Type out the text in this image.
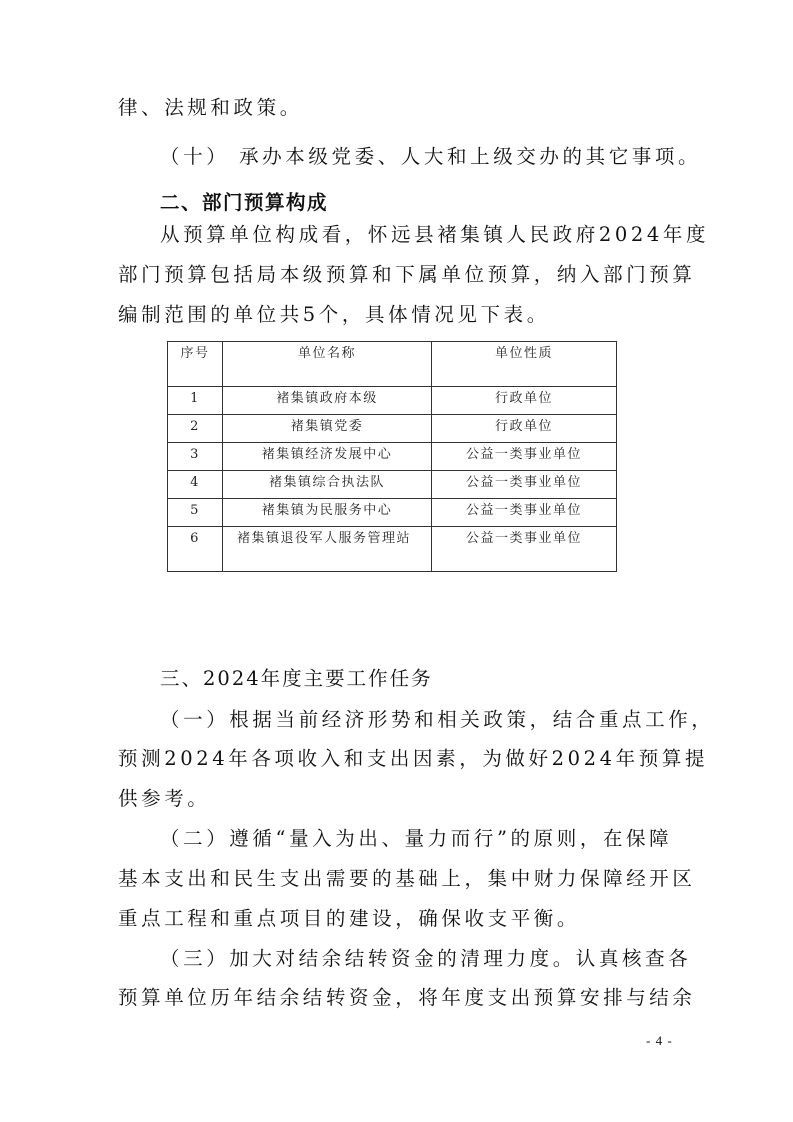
律、法规和政策。
（十） 承办本级党委、人大和上级交办的其它事项。
二、部门预算构成
从预算单位构成看，怀远县褚集镇人民政府2024年度
部门预算包括局本级预算和下属单位预算，纳入部门预算
编制范围的单位共5个，具体情况见下表。
序号	单位名称	单位性质
1	褚集镇政府本级	行政单位
2	褚集镇党委	行政单位
3	褚集镇经济发展中心	公益一类事业单位
4	褚集镇综合执法队	公益一类事业单位
5	褚集镇为民服务中心	公益一类事业单位
6	褚集镇退役军人服务管理站	公益一类事业单位
三、2024年度主要工作任务
（一）根据当前经济形势和相关政策，结合重点工作，
预测2024年各项收入和支出因素，为做好2024年预算提
供参考。
（二）遵循“量入为出、量力而行”的原则，在保障
基本支出和民生支出需要的基础上，集中财力保障经开区
重点工程和重点项目的建设，确保收支平衡。
（三）加大对结余结转资金的清理力度。认真核查各
预算单位历年结余结转资金，将年度支出预算安排与结余
- 4 -
